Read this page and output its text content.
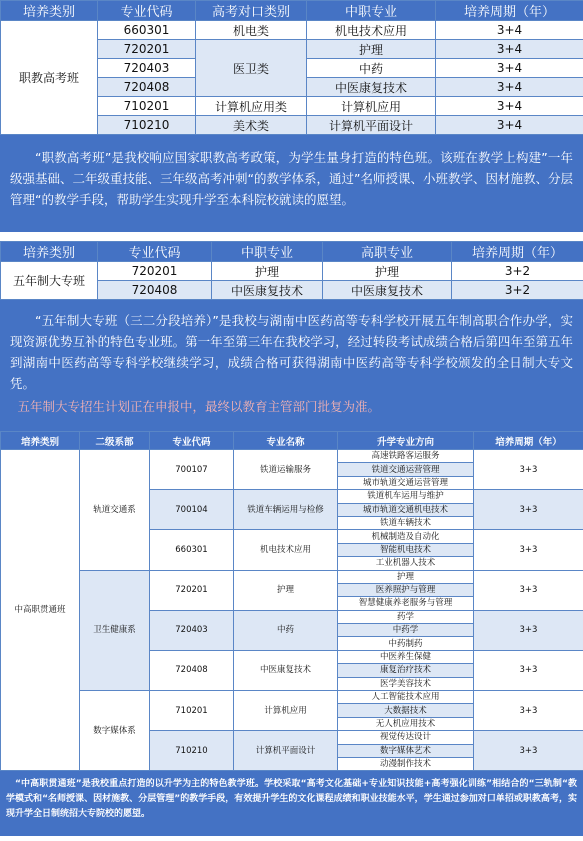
培养类别	专业代码	高考对口类别	中职专业	培养周期（年）
职教高考班	660301	机电类	机电技术应用	3+4
	720201	医卫类	护理	3+4
	720403		中药	3+4
	720408		中医康复技术	3+4
	710201	计算机应用类	计算机应用	3+4
	710210	美术类	计算机平面设计	3+4

“职教高考班”是我校响应国家职教高考政策，为学生量身打造的特色班。该班在教学上构建”一年级强基础、二年级重技能、三年级高考冲刺“的教学体系，通过”名师授课、小班教学、因材施教、分层管理“的教学手段，帮助学生实现升学至本科院校就读的愿望。

培养类别	专业代码	中职专业	高职专业	培养周期（年）
五年制大专班	720201	护理	护理	3+2
	720408	中医康复技术	中医康复技术	3+2

“五年制大专班（三二分段培养）”是我校与湖南中医药高等专科学校开展五年制高职合作办学，实现资源优势互补的特色专业班。第一年至第三年在我校学习，经过转段考试成绩合格后第四年至第五年到湖南中医药高等专科学校继续学习，成绩合格可获得湖南中医药高等专科学校颁发的全日制大专文凭。

五年制大专招生计划正在申报中，最终以教育主管部门批复为准。

培养类别	二级系部	专业代码	专业名称	升学专业方向	培养周期（年）
中高职贯通班	轨道交通系	700107	铁道运输服务	高速铁路客运服务	3+3
				铁道交通运营管理	
				城市轨道交通运营管理	
		700104	铁道车辆运用与检修	铁道机车运用与维护	3+3
				城市轨道交通机电技术	
				铁道车辆技术	
		660301	机电技术应用	机械制造及自动化	3+3
				智能机电技术	
				工业机器人技术	
	卫生健康系	720201	护理	护理	3+3
				医养照护与管理	
				智慧健康养老服务与管理	
		720403	中药	药学	3+3
				中药学	
				中药制药	
		720408	中医康复技术	中医养生保健	3+3
				康复治疗技术	
				医学美容技术	
	数字媒体系	710201	计算机应用	人工智能技术应用	3+3
				大数据技术	
				无人机应用技术	
		710210	计算机平面设计	视觉传达设计	3+3
				数字媒体艺术	
				动漫制作技术	

“中高职贯通班”是我校重点打造的以升学为主的特色教学班。学校采取“高考文化基础+专业知识技能+高考强化训练”相结合的“三轨制“教学模式和“名师授课、因材施教、分层管理”的教学手段，有效提升学生的文化课程成绩和职业技能水平，学生通过参加对口单招或职教高考，实现升学全日制统招大专院校的愿望。
